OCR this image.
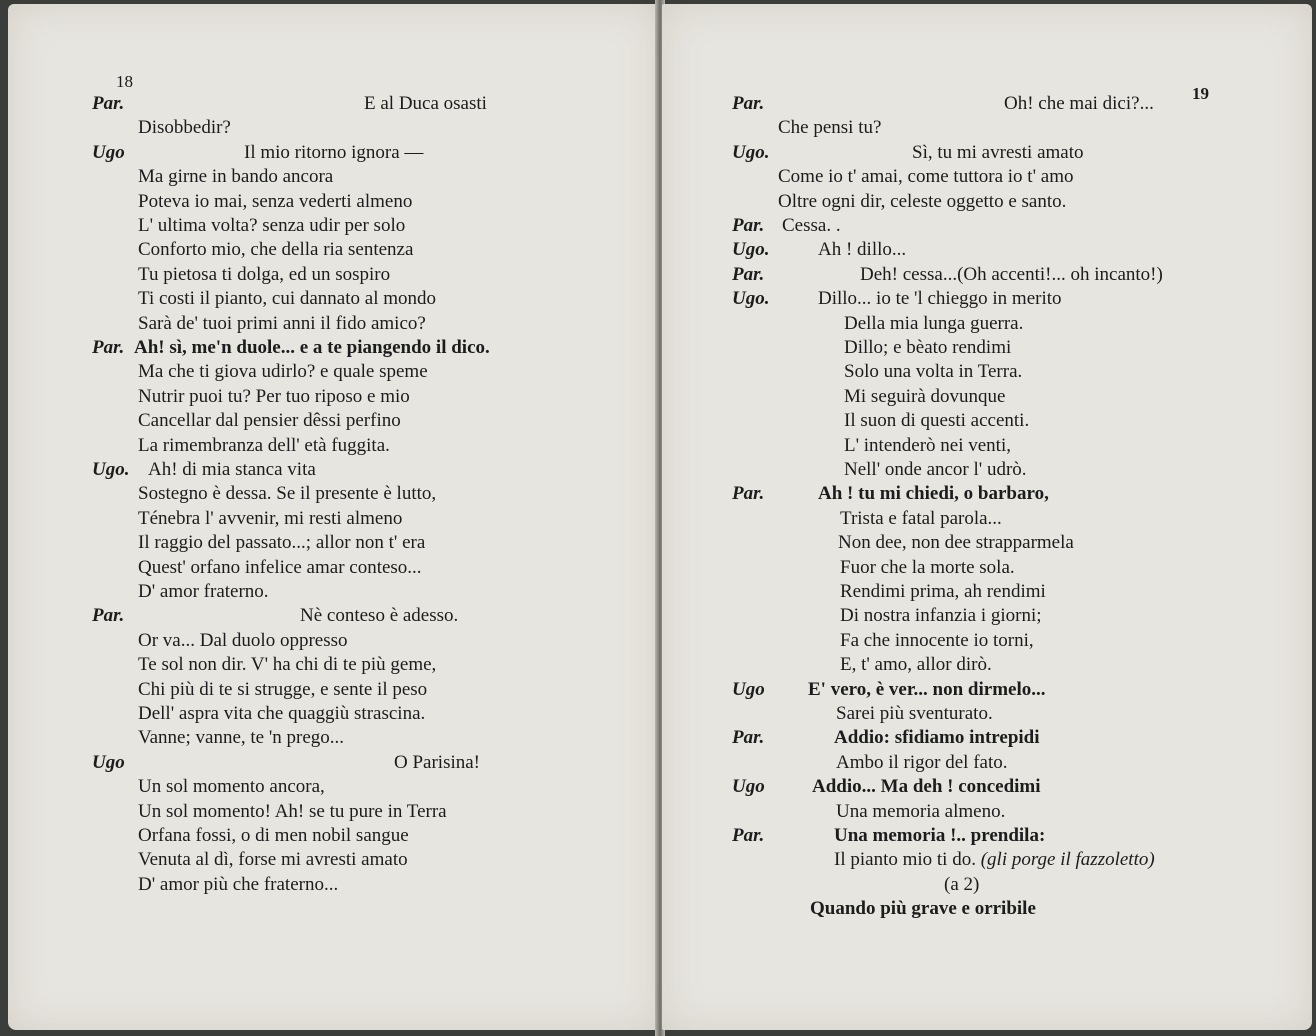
18
Par.	E al Duca osasti
Disobbedir?
Ugo	Il mio ritorno ignora —
Ma girne in bando ancora
Poteva io mai, senza vederti almeno
L' ultima volta? senza udir per solo
Conforto mio, che della ria sentenza
Tu pietosa ti dolga, ed un sospiro
Ti costi il pianto, cui dannato al mondo
Sarà de' tuoi primi anni il fido amico?
Par. Ah! sì, me'n duole... e a te piangendo il dico.
Ma che ti giova udirlo? e quale speme
Nutrir puoi tu? Per tuo riposo e mio
Cancellar dal pensier dêssi perfino
La rimembranza dell' età fuggita.
Ugo. Ah! di mia stanca vita
Sostegno è dessa. Se il presente è lutto,
Ténebra l' avvenir, mi resti almeno
Il raggio del passato...; allor non t' era
Quest' orfano infelice amar conteso...
D' amor fraterno.
Par.	Nè conteso è adesso.
Or va... Dal duolo oppresso
Te sol non dir. V' ha chi di te più geme,
Chi più di te si strugge, e sente il peso
Dell' aspra vita che quaggiù strascina.
Vanne; vanne, te 'n prego...
Ugo	O Parisina!
Un sol momento ancora,
Un sol momento! Ah! se tu pure in Terra
Orfana fossi, o di men nobil sangue
Venuta al dì, forse mi avresti amato
D' amor più che fraterno...
19
Par.	Oh! che mai dici?...
Che pensi tu?
Ugo.	Sì, tu mi avresti amato
Come io t' amai, come tuttora io t' amo
Oltre ogni dir, celeste oggetto e santo.
Par. Cessa. .
Ugo.	Ah ! dillo...
Par.	Deh! cessa...(Oh accenti!... oh incanto!)
Ugo.	Dillo... io te 'l chieggo in merito
Della mia lunga guerra.
Dillo; e bèato rendimi
Solo una volta in Terra.
Mi seguirà dovunque
Il suon di questi accenti.
L' intenderò nei venti,
Nell' onde ancor l' udrò.
Par.	Ah ! tu mi chiedi, o barbaro,
Trista e fatal parola...
Non dee, non dee strapparmela
Fuor che la morte sola.
Rendimi prima, ah rendimi
Di nostra infanzia i giorni;
Fa che innocente io torni,
E, t' amo, allor dirò.
Ugo E' vero, è ver... non dirmelo...
Sarei più sventurato.
Par.	Addio: sfidiamo intrepidi
Ambo il rigor del fato.
Ugo Addio... Ma deh ! concedimi
Una memoria almeno.
Par.	Una memoria !.. prendila:
Il pianto mio ti do. (gli porge il fazzoletto)
(a 2)
Quando più grave e orribile
